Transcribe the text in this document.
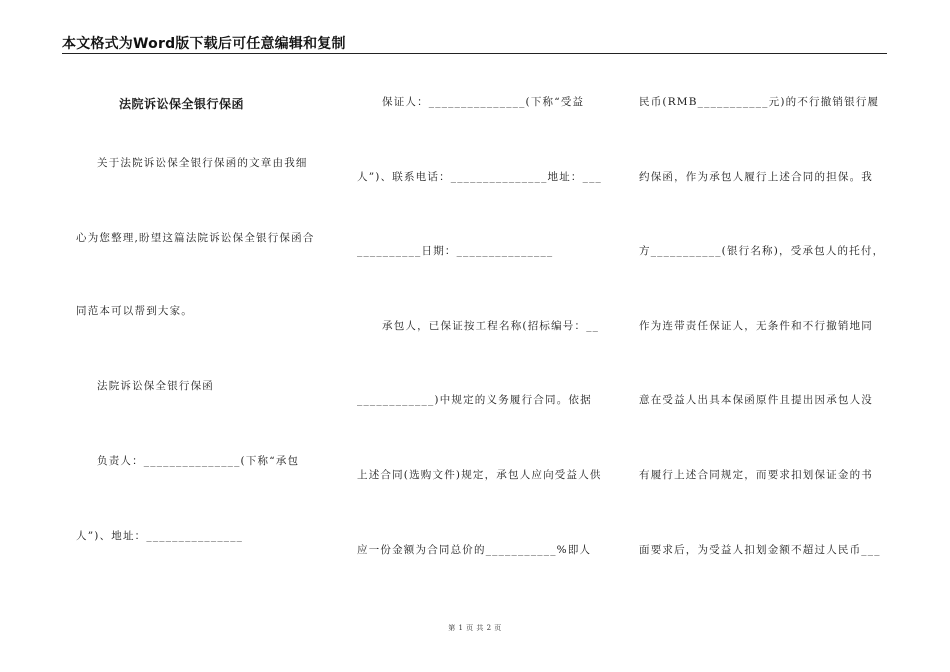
本文格式为Word版下载后可任意编辑和复制
法院诉讼保全银行保函
关于法院诉讼保全银行保函的文章由我细
心为您整理,盼望这篇法院诉讼保全银行保函合
同范本可以帮到大家。
法院诉讼保全银行保函
负责人：_______________(下称“承包
人”)、地址：_______________
保证人：_______________(下称“受益
人”)、联系电话：_______________地址：___
__________日期：_______________
承包人，已保证按工程名称(招标编号：__
____________)中规定的义务履行合同。依据
上述合同(选购文件)规定，承包人应向受益人供
应一份金额为合同总价的___________%即人
民币(RMB___________元)的不行撤销银行履
约保函，作为承包人履行上述合同的担保。我
方___________(银行名称)，受承包人的托付，
作为连带责任保证人，无条件和不行撤销地同
意在受益人出具本保函原件且提出因承包人没
有履行上述合同规定，而要求扣划保证金的书
面要求后，为受益人扣划金额不超过人民币___
第 1 页 共 2 页
